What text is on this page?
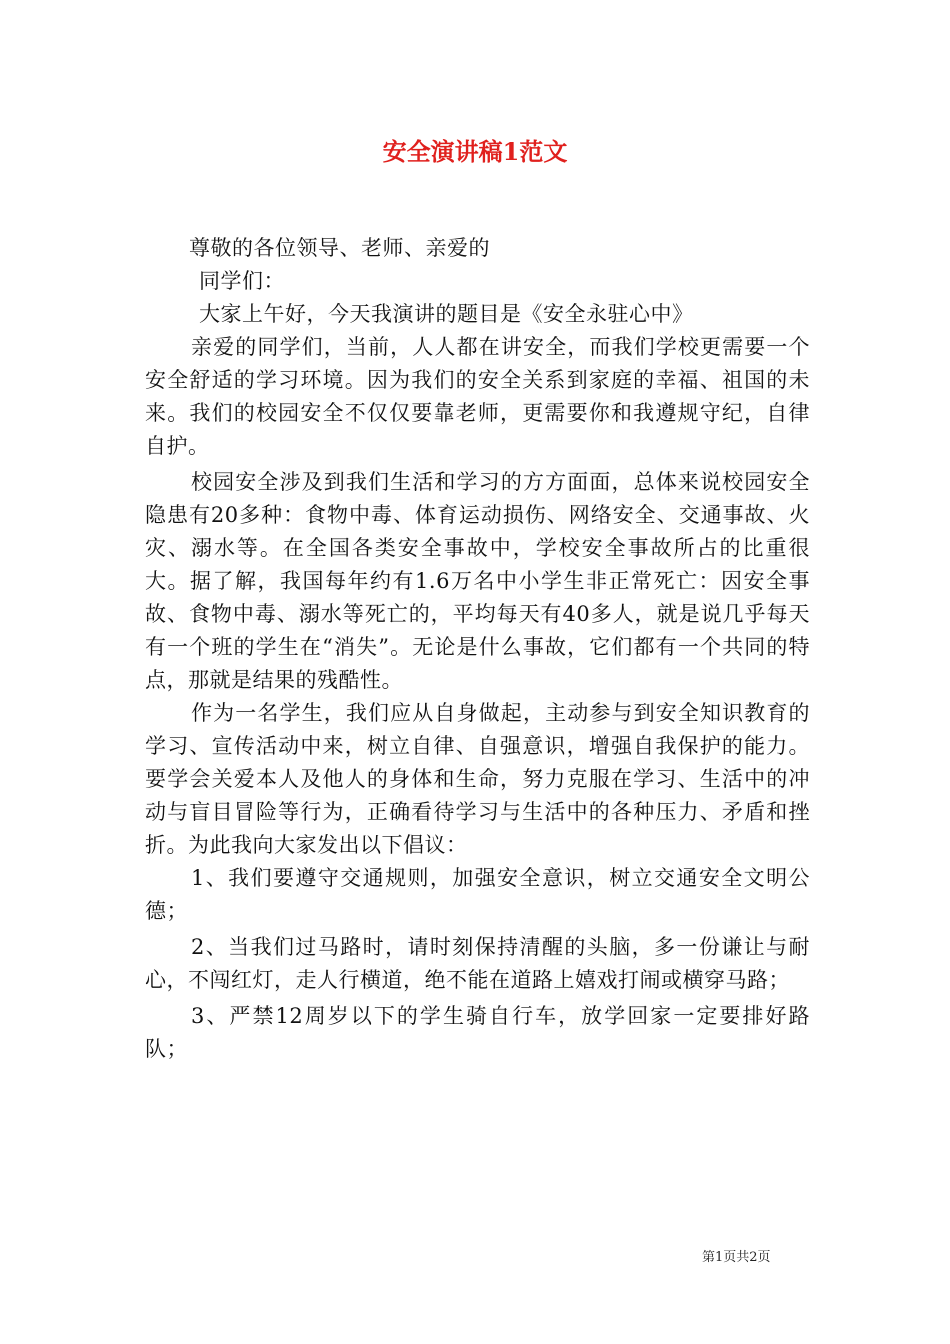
安全演讲稿1范文

尊敬的各位领导、老师、亲爱的

同学们：

大家上午好，今天我演讲的题目是《安全永驻心中》

亲爱的同学们，当前，人人都在讲安全，而我们学校更需要一个安全舒适的学习环境。因为我们的安全关系到家庭的幸福、祖国的未来。我们的校园安全不仅仅要靠老师，更需要你和我遵规守纪，自律自护。

校园安全涉及到我们生活和学习的方方面面，总体来说校园安全隐患有20多种：食物中毒、体育运动损伤、网络安全、交通事故、火灾、溺水等。在全国各类安全事故中，学校安全事故所占的比重很大。据了解，我国每年约有1.6万名中小学生非正常死亡：因安全事故、食物中毒、溺水等死亡的，平均每天有40多人，就是说几乎每天有一个班的学生在“消失”。无论是什么事故，它们都有一个共同的特点，那就是结果的残酷性。

作为一名学生，我们应从自身做起，主动参与到安全知识教育的学习、宣传活动中来，树立自律、自强意识，增强自我保护的能力。要学会关爱本人及他人的身体和生命，努力克服在学习、生活中的冲动与盲目冒险等行为，正确看待学习与生活中的各种压力、矛盾和挫折。为此我向大家发出以下倡议：

1、我们要遵守交通规则，加强安全意识，树立交通安全文明公德；

2、当我们过马路时，请时刻保持清醒的头脑，多一份谦让与耐心，不闯红灯，走人行横道，绝不能在道路上嬉戏打闹或横穿马路；

3、严禁12周岁以下的学生骑自行车，放学回家一定要排好路队；

第1页共2页
